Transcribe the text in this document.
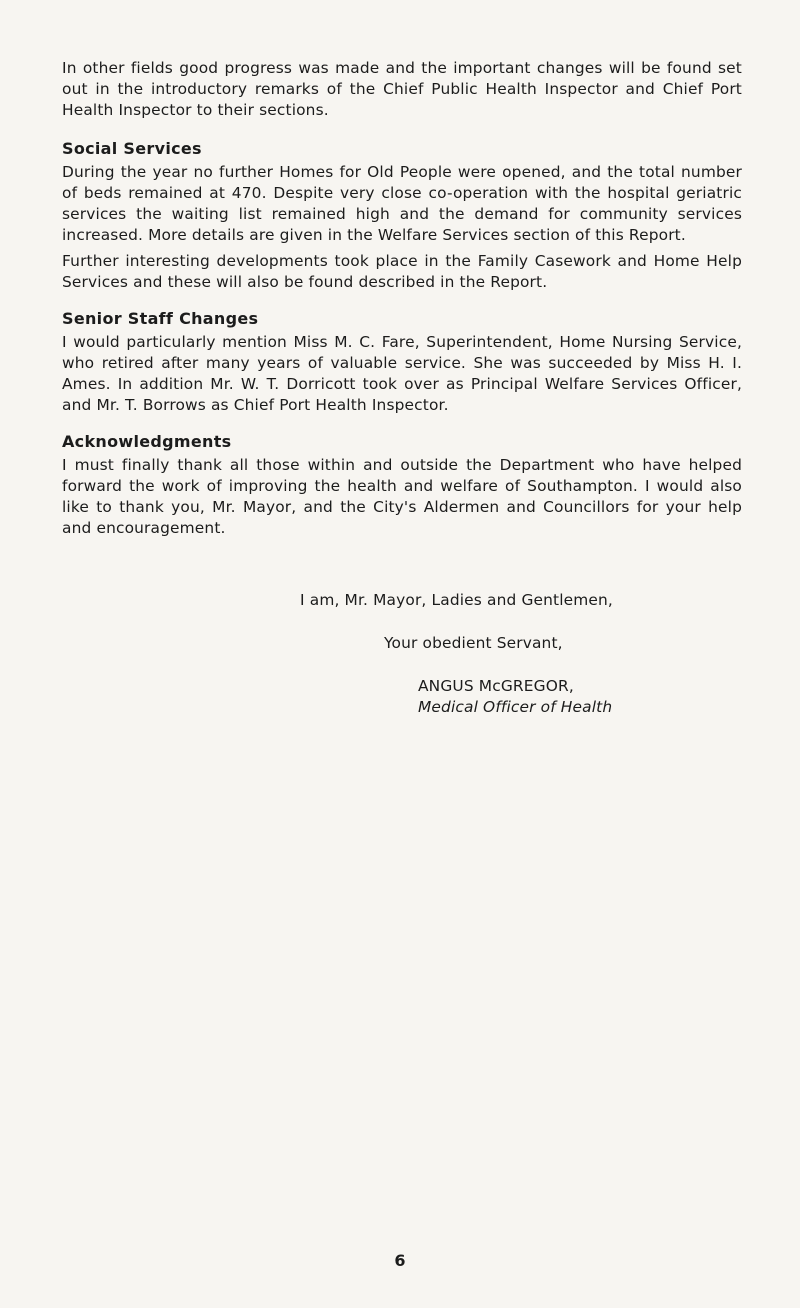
In other fields good progress was made and the important changes will be found set out in the introductory remarks of the Chief Public Health Inspector and Chief Port Health Inspector to their sections.

Social Services

During the year no further Homes for Old People were opened, and the total number of beds remained at 470. Despite very close co-operation with the hospital geriatric services the waiting list remained high and the demand for community services increased. More details are given in the Welfare Services section of this Report.

Further interesting developments took place in the Family Casework and Home Help Services and these will also be found described in the Report.

Senior Staff Changes

I would particularly mention Miss M. C. Fare, Superintendent, Home Nursing Service, who retired after many years of valuable service. She was succeeded by Miss H. I. Ames. In addition Mr. W. T. Dorricott took over as Principal Welfare Services Officer, and Mr. T. Borrows as Chief Port Health Inspector.

Acknowledgments

I must finally thank all those within and outside the Department who have helped forward the work of improving the health and welfare of Southampton. I would also like to thank you, Mr. Mayor, and the City's Aldermen and Councillors for your help and encouragement.

I am, Mr. Mayor, Ladies and Gentlemen,
Your obedient Servant,
ANGUS McGREGOR,
Medical Officer of Health
6
